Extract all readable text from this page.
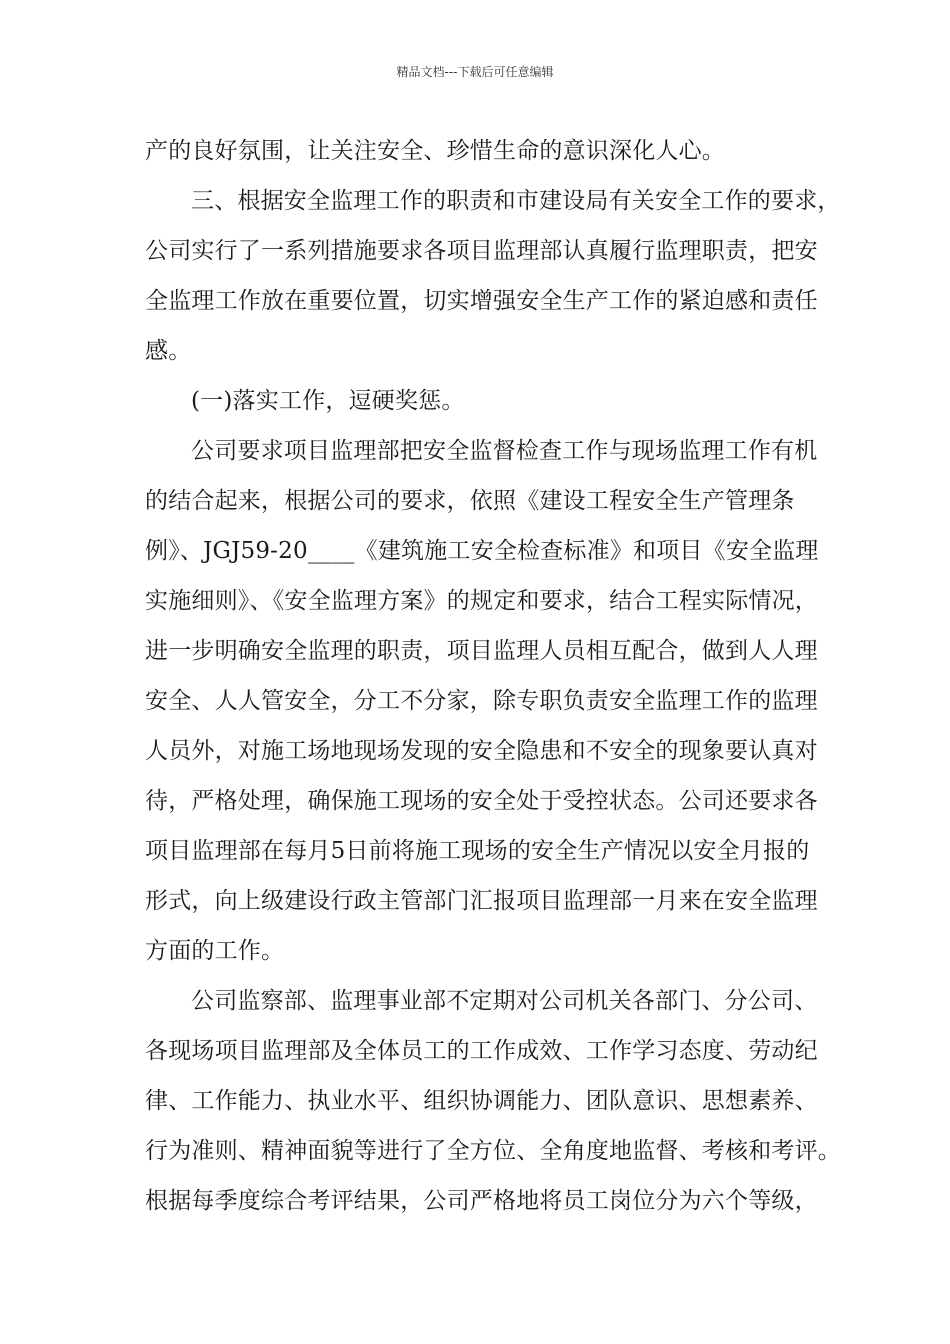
精品文档---下载后可任意编辑
产的良好氛围，让关注安全、珍惜生命的意识深化人心。
三、根据安全监理工作的职责和市建设局有关安全工作的要求，
公司实行了一系列措施要求各项目监理部认真履行监理职责，把安
全监理工作放在重要位置，切实增强安全生产工作的紧迫感和责任
感。
(一)落实工作，逗硬奖惩。
公司要求项目监理部把安全监督检查工作与现场监理工作有机
的结合起来，根据公司的要求，依照《建设工程安全生产管理条
例》、JGJ59-20____《建筑施工安全检查标准》和项目《安全监理
实施细则》、《安全监理方案》的规定和要求，结合工程实际情况，
进一步明确安全监理的职责，项目监理人员相互配合，做到人人理
安全、人人管安全，分工不分家，除专职负责安全监理工作的监理
人员外，对施工场地现场发现的安全隐患和不安全的现象要认真对
待，严格处理，确保施工现场的安全处于受控状态。公司还要求各
项目监理部在每月5日前将施工现场的安全生产情况以安全月报的
形式，向上级建设行政主管部门汇报项目监理部一月来在安全监理
方面的工作。
公司监察部、监理事业部不定期对公司机关各部门、分公司、
各现场项目监理部及全体员工的工作成效、工作学习态度、劳动纪
律、工作能力、执业水平、组织协调能力、团队意识、思想素养、
行为准则、精神面貌等进行了全方位、全角度地监督、考核和考评。
根据每季度综合考评结果，公司严格地将员工岗位分为六个等级，
